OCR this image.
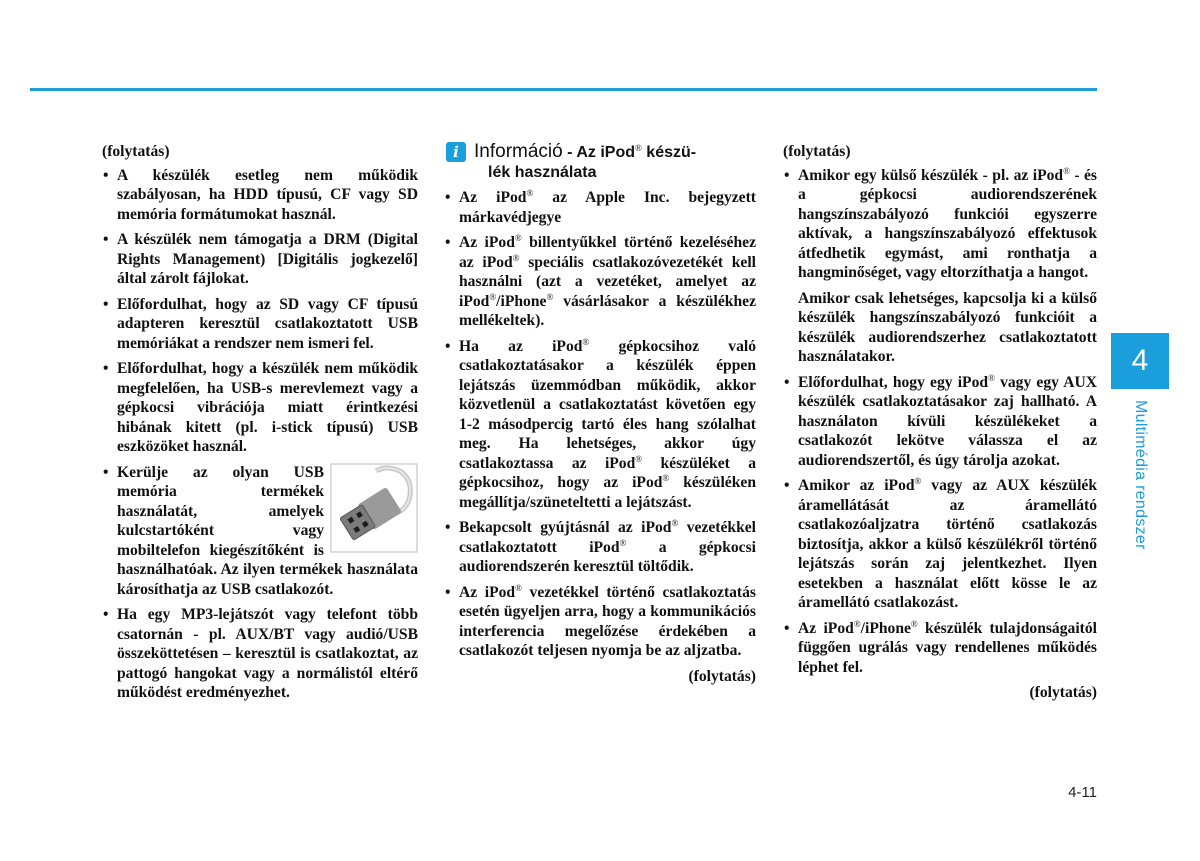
(folytatás)
• A készülék esetleg nem működik szabályosan, ha HDD típusú, CF vagy SD memória formátumokat használ.
• A készülék nem támogatja a DRM (Digital Rights Management) [Digitális jogkezelő] által zárolt fájlokat.
• Előfordulhat, hogy az SD vagy CF típusú adapteren keresztül csatlakoztatott USB memóriákat a rendszer nem ismeri fel.
• Előfordulhat, hogy a készülék nem működik megfelelően, ha USB-s merevlemezt vagy a gépkocsi vibrációja miatt érintkezési hibának kitett (pl. i-stick típusú) USB eszközöket használ.
• Kerülje az olyan USB memória termékek használatát, amelyek kulcstartóként vagy mobiltelefon kiegészítőként is használhatóak. Az ilyen termékek használata károsíthatja az USB csatlakozót.
• Ha egy MP3-lejátszót vagy telefont több csatornán - pl. AUX/BT vagy audió/USB összeköttetésen – keresztül is csatlakoztat, az pattogó hangokat vagy a normálistól eltérő működést eredményezhet.
i Információ - Az iPod® készü-
lék használata
• Az iPod® az Apple Inc. bejegyzett márkavédjegye
• Az iPod® billentyűkkel történő kezeléséhez az iPod® speciális csatlakozóvezetékét kell használni (azt a vezetéket, amelyet az iPod®/iPhone® vásárlásakor a készülékhez mellékeltek).
• Ha az iPod® gépkocsihoz való csatlakoztatásakor a készülék éppen lejátszás üzemmódban működik, akkor közvetlenül a csatlakoztatást követően egy 1-2 másodpercig tartó éles hang szólalhat meg. Ha lehetséges, akkor úgy csatlakoztassa az iPod® készüléket a gépkocsihoz, hogy az iPod® készüléken megállítja/szüneteltetti a lejátszást.
• Bekapcsolt gyújtásnál az iPod® vezetékkel csatlakoztatott iPod® a gépkocsi audiorendszerén keresztül töltődik.
• Az iPod® vezetékkel történő csatlakoztatás esetén ügyeljen arra, hogy a kommunikációs interferencia megelőzése érdekében a csatlakozót teljesen nyomja be az aljzatba.
(folytatás)
(folytatás)
• Amikor egy külső készülék - pl. az iPod® - és a gépkocsi audiorendszerének hangszínszabályozó funkciói egyszerre aktívak, a hangszínszabályozó effektusok átfedhetik egymást, ami ronthatja a hangminőséget, vagy eltorzíthatja a hangot.

Amikor csak lehetséges, kapcsolja ki a külső készülék hangszínszabályozó funkcióit a készülék audiorendszerhez csatlakoztatott használatakor.

• Előfordulhat, hogy egy iPod® vagy egy AUX készülék csatlakoztatásakor zaj hallható. A használaton kívüli készülékeket a csatlakozót lekötve válassza el az audiorendszertől, és úgy tárolja azokat.
• Amikor az iPod® vagy az AUX készülék áramellátását az áramellátó csatlakozóaljzatra történő csatlakozás biztosítja, akkor a külső készülékről történő lejátszás során zaj jelentkezhet. Ilyen esetekben a használat előtt kösse le az áramellátó csatlakozást.
• Az iPod®/iPhone® készülék tulajdonságaitól függően ugrálás vagy rendellenes működés léphet fel.
(folytatás)
4
Multimédia rendszer
4-11
